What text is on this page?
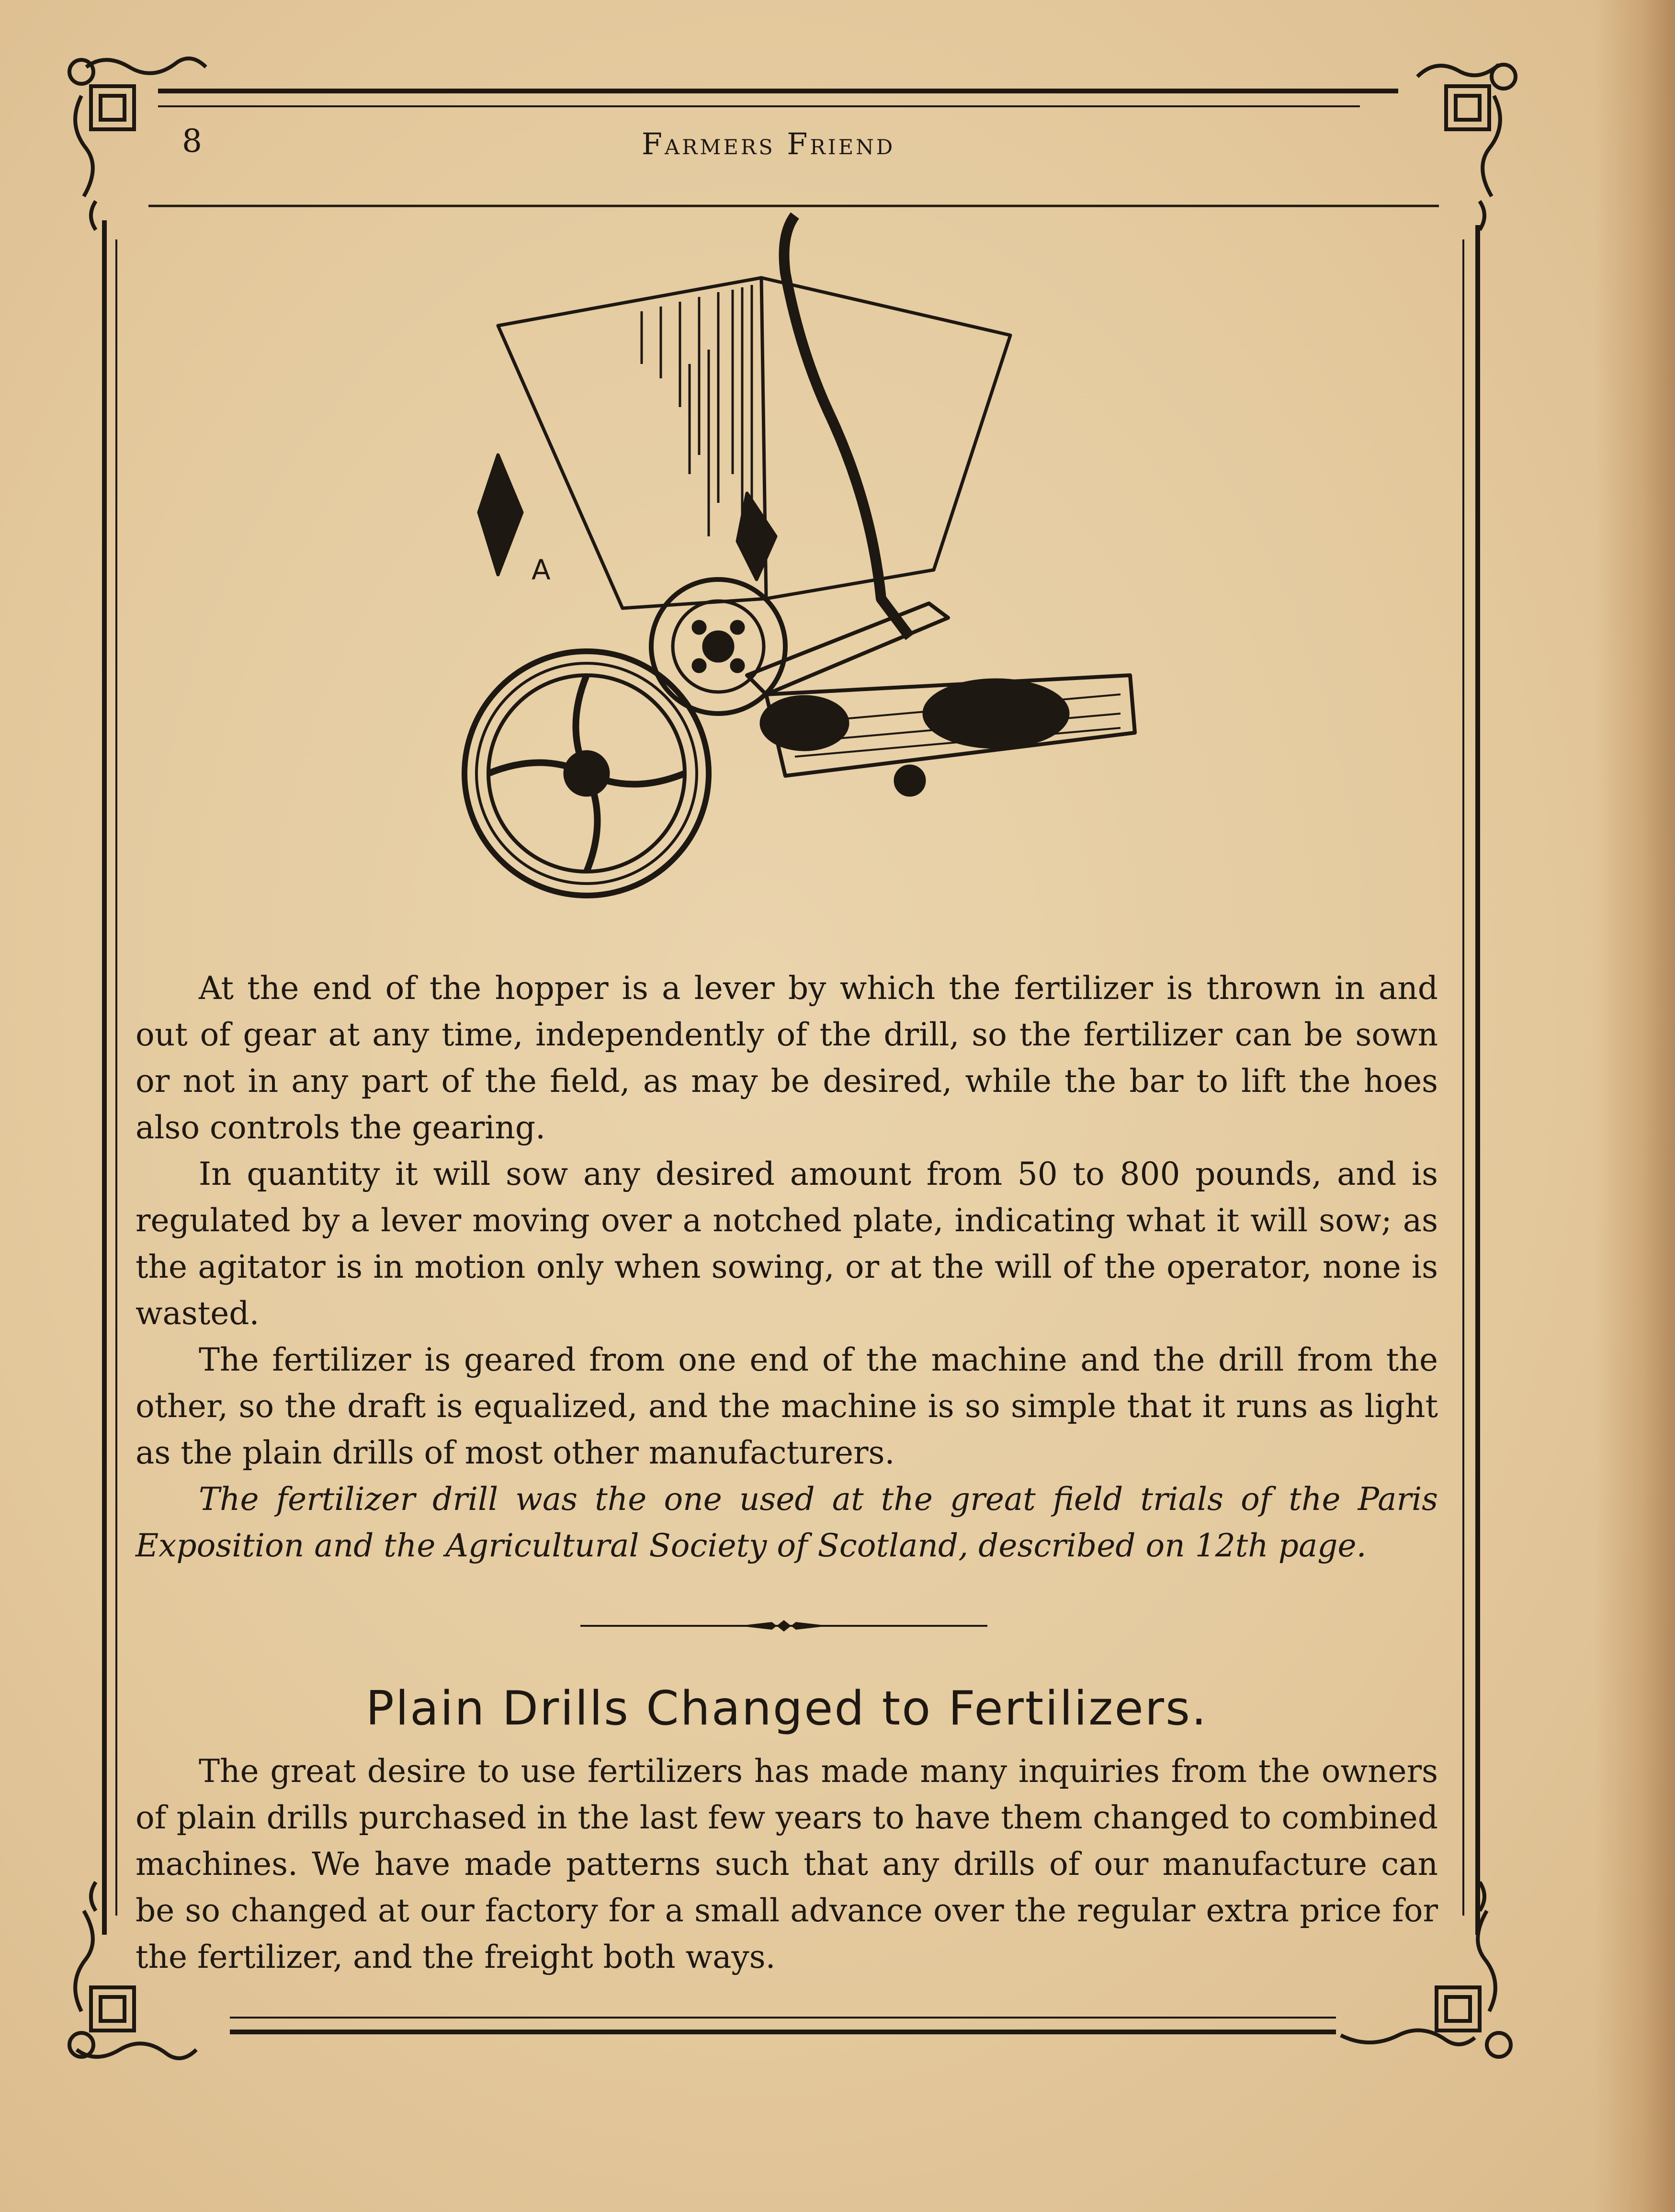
8	Farmers Friend
A

At the end of the hopper is a lever by which the fertilizer is thrown in and out of gear at any time, independently of the drill, so the fertilizer can be sown or not in any part of the field, as may be desired, while the bar to lift the hoes also controls the gearing.

In quantity it will sow any desired amount from 50 to 800 pounds, and is regulated by a lever moving over a notched plate, indicating what it will sow; as the agitator is in motion only when sowing, or at the will of the operator, none is wasted.

The fertilizer is geared from one end of the machine and the drill from the other, so the draft is equalized, and the machine is so simple that it runs as light as the plain drills of most other manufacturers.

The fertilizer drill was the one used at the great field trials of the Paris Exposition and the Agricultural Society of Scotland, described on 12th page.

Plain Drills Changed to Fertilizers.

The great desire to use fertilizers has made many inquiries from the owners of plain drills purchased in the last few years to have them changed to combined machines. We have made patterns such that any drills of our manufacture can be so changed at our factory for a small advance over the regular extra price for the fertilizer, and the freight both ways.
